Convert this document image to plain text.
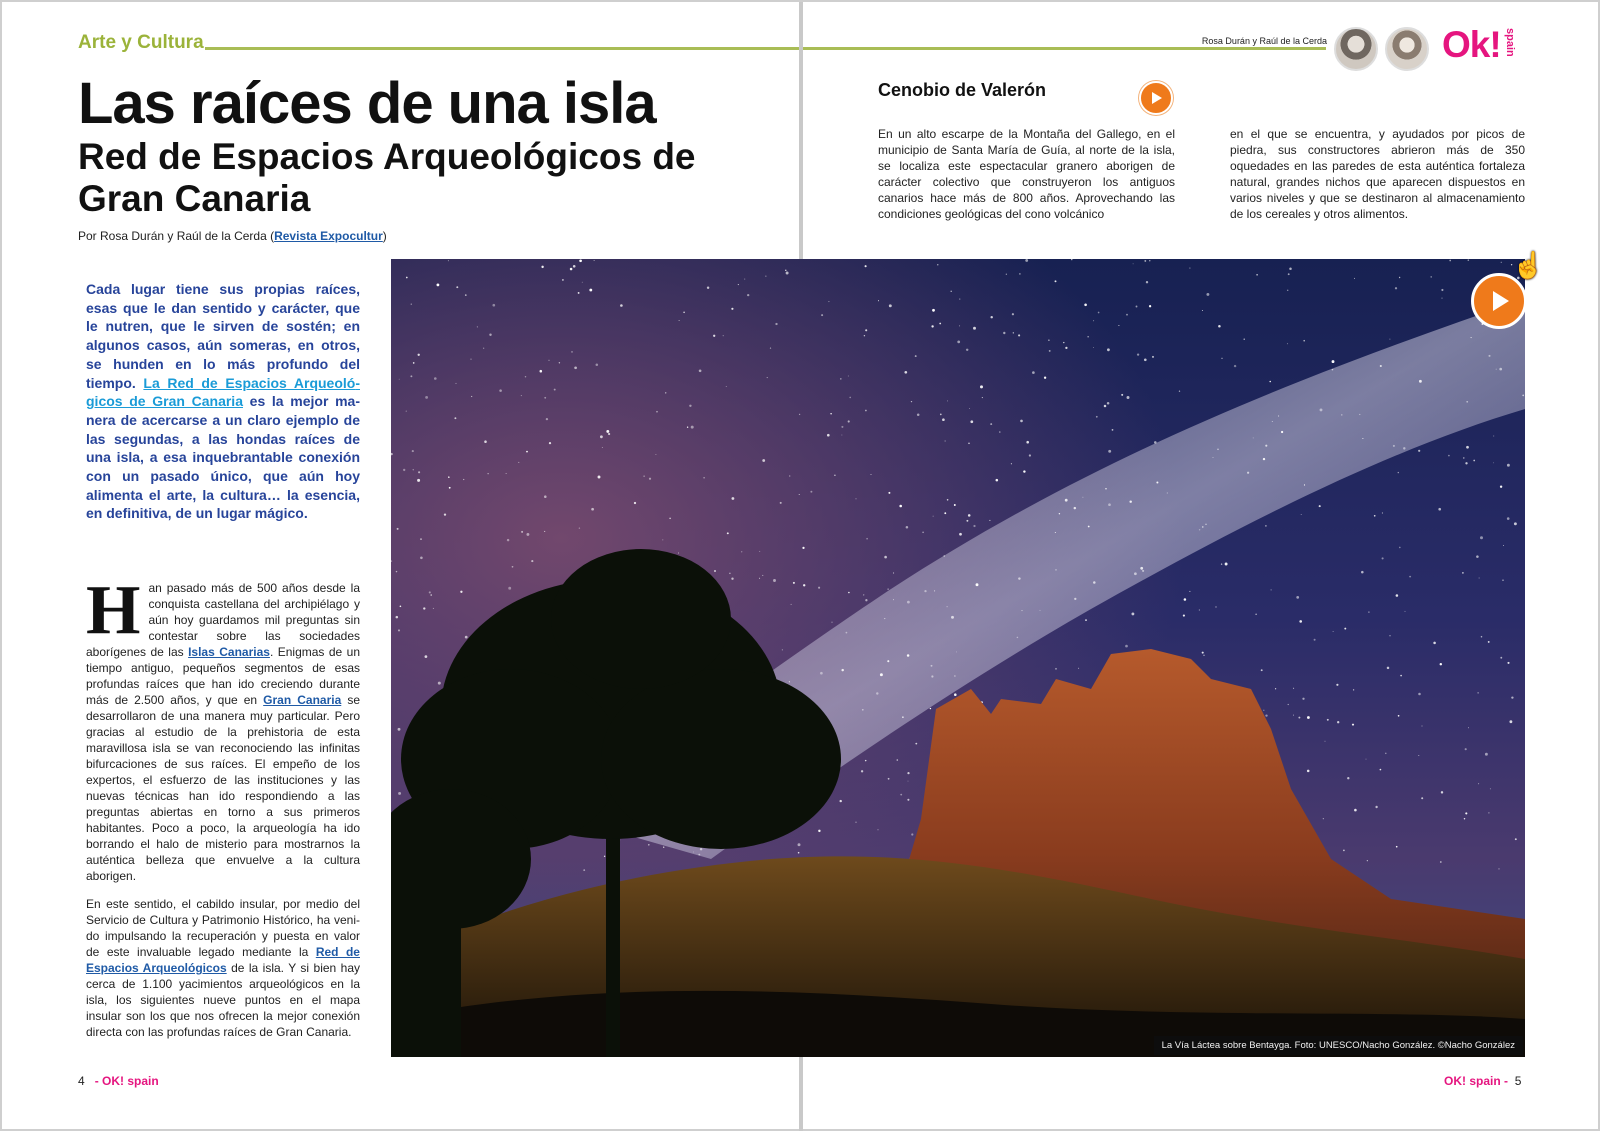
Arte y Cultura	Rosa Durán y Raúl de la Cerda	Ok! spain
Las raíces de una isla
Red de Espacios Arqueológicos de Gran Canaria
Por Rosa Durán y Raúl de la Cerda (Revista Expocultur)
Cada lugar tiene sus propias raíces, esas que le dan sentido y carácter, que le nutren, que le sirven de sostén; en algunos casos, aún someras, en otros, se hunden en lo más profundo del tiempo. La Red de Espacios Arqueológicos de Gran Canaria es la mejor manera de acercarse a un claro ejemplo de las segundas, a las hondas raíces de una isla, a esa inquebrantable conexión con un pasado único, que aún hoy alimenta el arte, la cultura… la esencia, en definitiva, de un lugar mágico.

Han pasado más de 500 años desde la conquista castellana del archipiélago y aún hoy guardamos mil preguntas sin contestar sobre las sociedades aborígenes de las Islas Canarias. Enigmas de un tiempo antiguo, pequeños segmentos de esas profundas raíces que han ido creciendo durante más de 2.500 años, y que en Gran Canaria se desarrollaron de una manera muy particular. Pero gracias al estudio de la prehistoria de esta maravillosa isla se van reconociendo las infinitas bifurcaciones de sus raíces. El empeño de los expertos, el esfuerzo de las instituciones y las nuevas técnicas han ido respondiendo a las preguntas abiertas en torno a sus primeros habitantes. Poco a poco, la arqueología ha ido borrando el halo de misterio para mostrarnos la auténtica belleza que envuelve a la cultura aborigen.

En este sentido, el cabildo insular, por medio del Servicio de Cultura y Patrimonio Histórico, ha venido impulsando la recuperación y puesta en valor de este invaluable legado mediante la Red de Espacios Arqueológicos de la isla. Y si bien hay cerca de 1.100 yacimientos arqueológicos en la isla, los siguientes nueve puntos en el mapa insular son los que nos ofrecen la mejor conexión directa con las profundas raíces de Gran Canaria.

Cenobio de Valerón
En un alto escarpe de la Montaña del Gallego, en el municipio de Santa María de Guía, al norte de la isla, se localiza este espectacular granero aborigen de carácter colectivo que construyeron los antiguos canarios hace más de 800 años. Aprovechando las condiciones geológicas del cono volcánico
en el que se encuentra, y ayudados por picos de piedra, sus constructores abrieron más de 350 oquedades en las paredes de esta auténtica fortaleza natural, grandes nichos que aparecen dispuestos en varios niveles y que se destinaron al almacenamiento de los cereales y otros alimentos.
La Vía Láctea sobre Bentayga. Foto: UNESCO/Nacho González. ©Nacho González
☝
4 - OK! spain	OK! spain - 5
